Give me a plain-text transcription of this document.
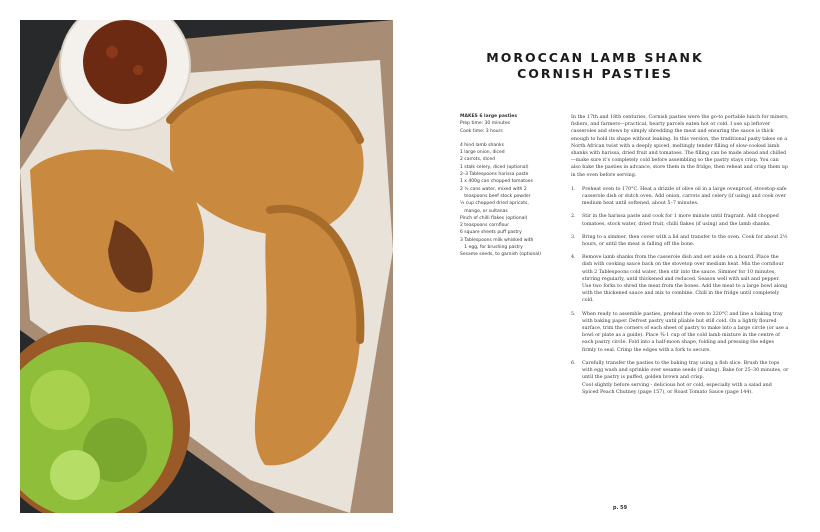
MOROCCAN LAMB SHANK
CORNISH PASTIES
MAKES 6 large pasties
Prep time: 30 minutes
Cook time: 3 hours
4 hind lamb shanks
1 large onion, diced
2 carrots, diced
1 stalk celery, diced (optional)
2–3 Tablespoons harissa paste
1 x 400g can chopped tomatoes
2 ½ cans water, mixed with 2
teaspoons beef stock powder
⅓ cup chopped dried apricots,
mango, or sultanas
Pinch of chilli flakes (optional)
2 teaspoons cornflour
6 square sheets puff pastry
3 Tablespoons milk whisked with
1 egg, for brushing pastry
Sesame seeds, to garnish (optional)

In the 17th and 18th centuries, Cornish pasties were the go-to portable lunch for miners, fishers, and farmers—practical, hearty parcels eaten hot or cold. I use up leftover casseroles and stews by simply shredding the meat and ensuring the sauce is thick enough to hold its shape without leaking. In this version, the traditional pasty takes on a North African twist with a deeply spiced, meltingly tender filling of slow-cooked lamb shanks with harissa, dried fruit and tomatoes. The filling can be made ahead and chilled—make sure it’s completely cold before assembling so the pastry stays crisp. You can also bake the pasties in advance, store them in the fridge, then reheat and crisp them up in the oven before serving.

1. Preheat oven to 170°C. Heat a drizzle of olive oil in a large ovenproof, stovetop-safe casserole dish or dutch oven. Add onion, carrots and celery (if using) and cook over medium heat until softened, about 5–7 minutes.
2. Stir in the harissa paste and cook for 1 more minute until fragrant. Add chopped tomatoes, stock water, dried fruit, chilli flakes (if using) and the lamb shanks.
3. Bring to a simmer, then cover with a lid and transfer to the oven. Cook for about 2½ hours, or until the meat is falling off the bone.
4. Remove lamb shanks from the casserole dish and set aside on a board. Place the dish with cooking sauce back on the stovetop over medium heat. Mix the cornflour with 2 Tablespoons cold water, then stir into the sauce. Simmer for 10 minutes, stirring regularly, until thickened and reduced. Season well with salt and pepper. Use two forks to shred the meat from the bones. Add the meat to a large bowl along with the thickened sauce and mix to combine. Chill in the fridge until completely cold.
5. When ready to assemble pasties, preheat the oven to 220°C and line a baking tray with baking paper. Defrost pastry until pliable but still cold. On a lightly floured surface, trim the corners of each sheet of pastry to make into a large circle (or use a bowl or plate as a guide). Place ¾-1 cup of the cold lamb mixture in the centre of each pastry circle. Fold into a half-moon shape, folding and pressing the edges firmly to seal. Crimp the edges with a fork to secure.
6. Carefully transfer the pasties to the baking tray using a fish slice. Brush the tops with egg wash and sprinkle over sesame seeds (if using). Bake for 25–30 minutes, or until the pastry is puffed, golden brown and crisp.

Cool slightly before serving - delicious hot or cold, especially with a salad and Spiced Peach Chutney (page 157), or Roast Tomato Sauce (page 144).

p. 59
